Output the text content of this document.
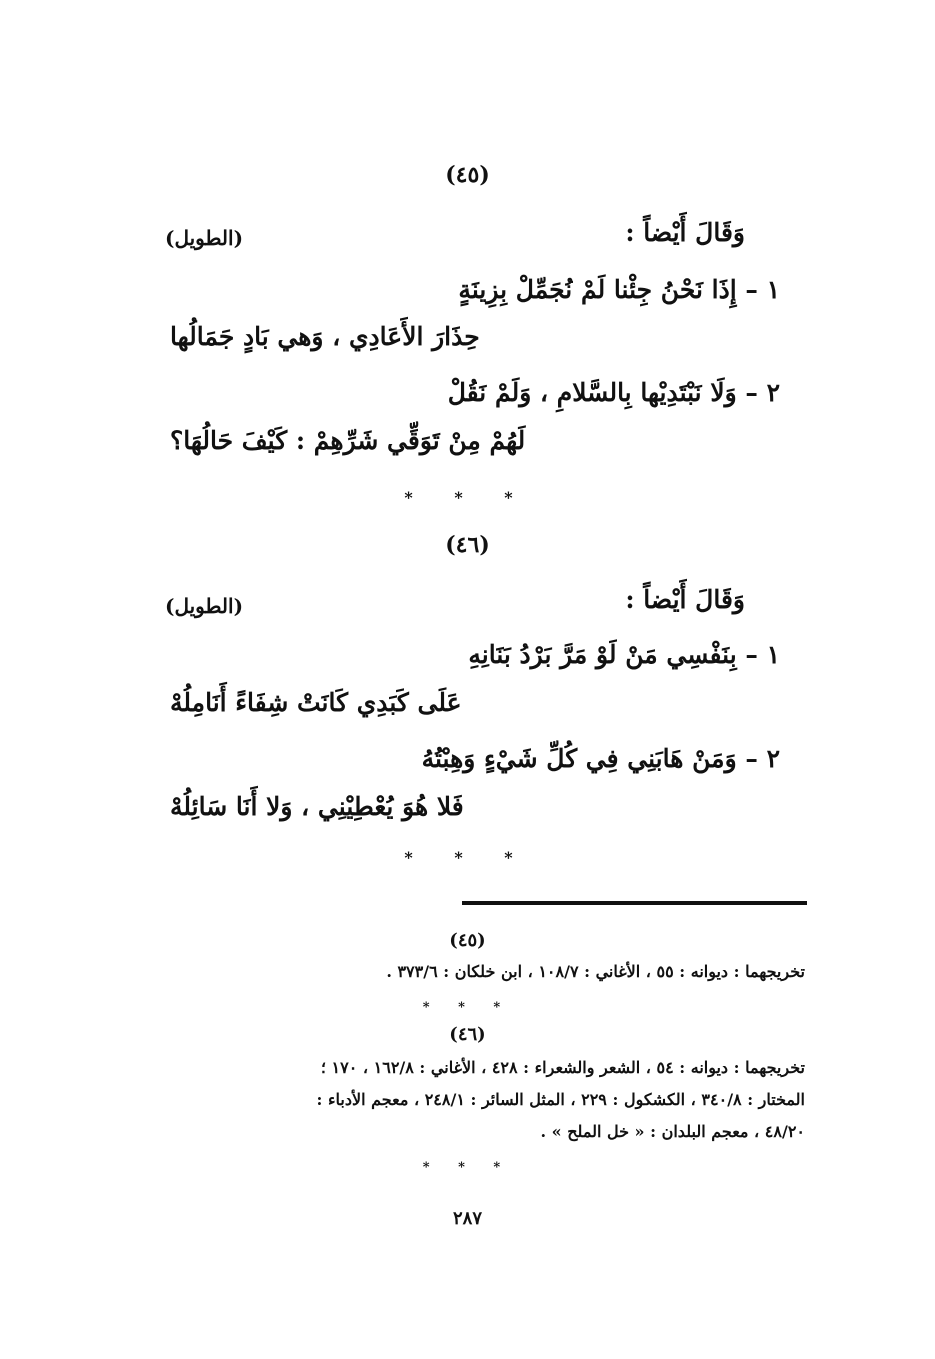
(٤٥)
وَقَالَ أَيْضاً :
(الطويل)
١ – إِذَا نَحْنُ جِئْنا لَمْ نُجَمِّلْ بِزِينَةٍ
حِذَارَ الأَعَادِي ، وَهي بَادٍ جَمَالُها
٢ – وَلَا نَبْتَدِيْها بِالسَّلامِ ، وَلَمْ نَقُلْ
لَهُمْ مِنْ تَوَقِّي شَرِّهِمْ : كَيْفَ حَالُهَا؟
* * *
(٤٦)
وَقَالَ أَيْضاً :
(الطويل)
١ – بِنَفْسِي مَنْ لَوْ مَرَّ بَرْدُ بَنَانِهِ
عَلَى كَبَدِي كَانَتْ شِفَاءً أَنَامِلُهْ
٢ – وَمَنْ هَابَنِي فِي كُلِّ شَيْءٍ وَهِبْتُهُ
فَلا هُوَ يُعْطِيْنِي ، وَلا أَنَا سَائِلُهْ
* * *
(٤٥)
تخريجهما : ديوانه : ٥٥ ، الأغاني : ١٠٨/٧ ، ابن خلكان : ٣٧٣/٦ .
* * *
(٤٦)
تخريجهما : ديوانه : ٥٤ ، الشعر والشعراء : ٤٢٨ ، الأغاني : ١٦٢/٨ ، ١٧٠ ؛
المختار : ٣٤٠/٨ ، الكشكول : ٢٢٩ ، المثل السائر : ٢٤٨/١ ، معجم الأدباء :
٤٨/٢٠ ، معجم البلدان : « خل الملح » .
* * *
٢٨٧
